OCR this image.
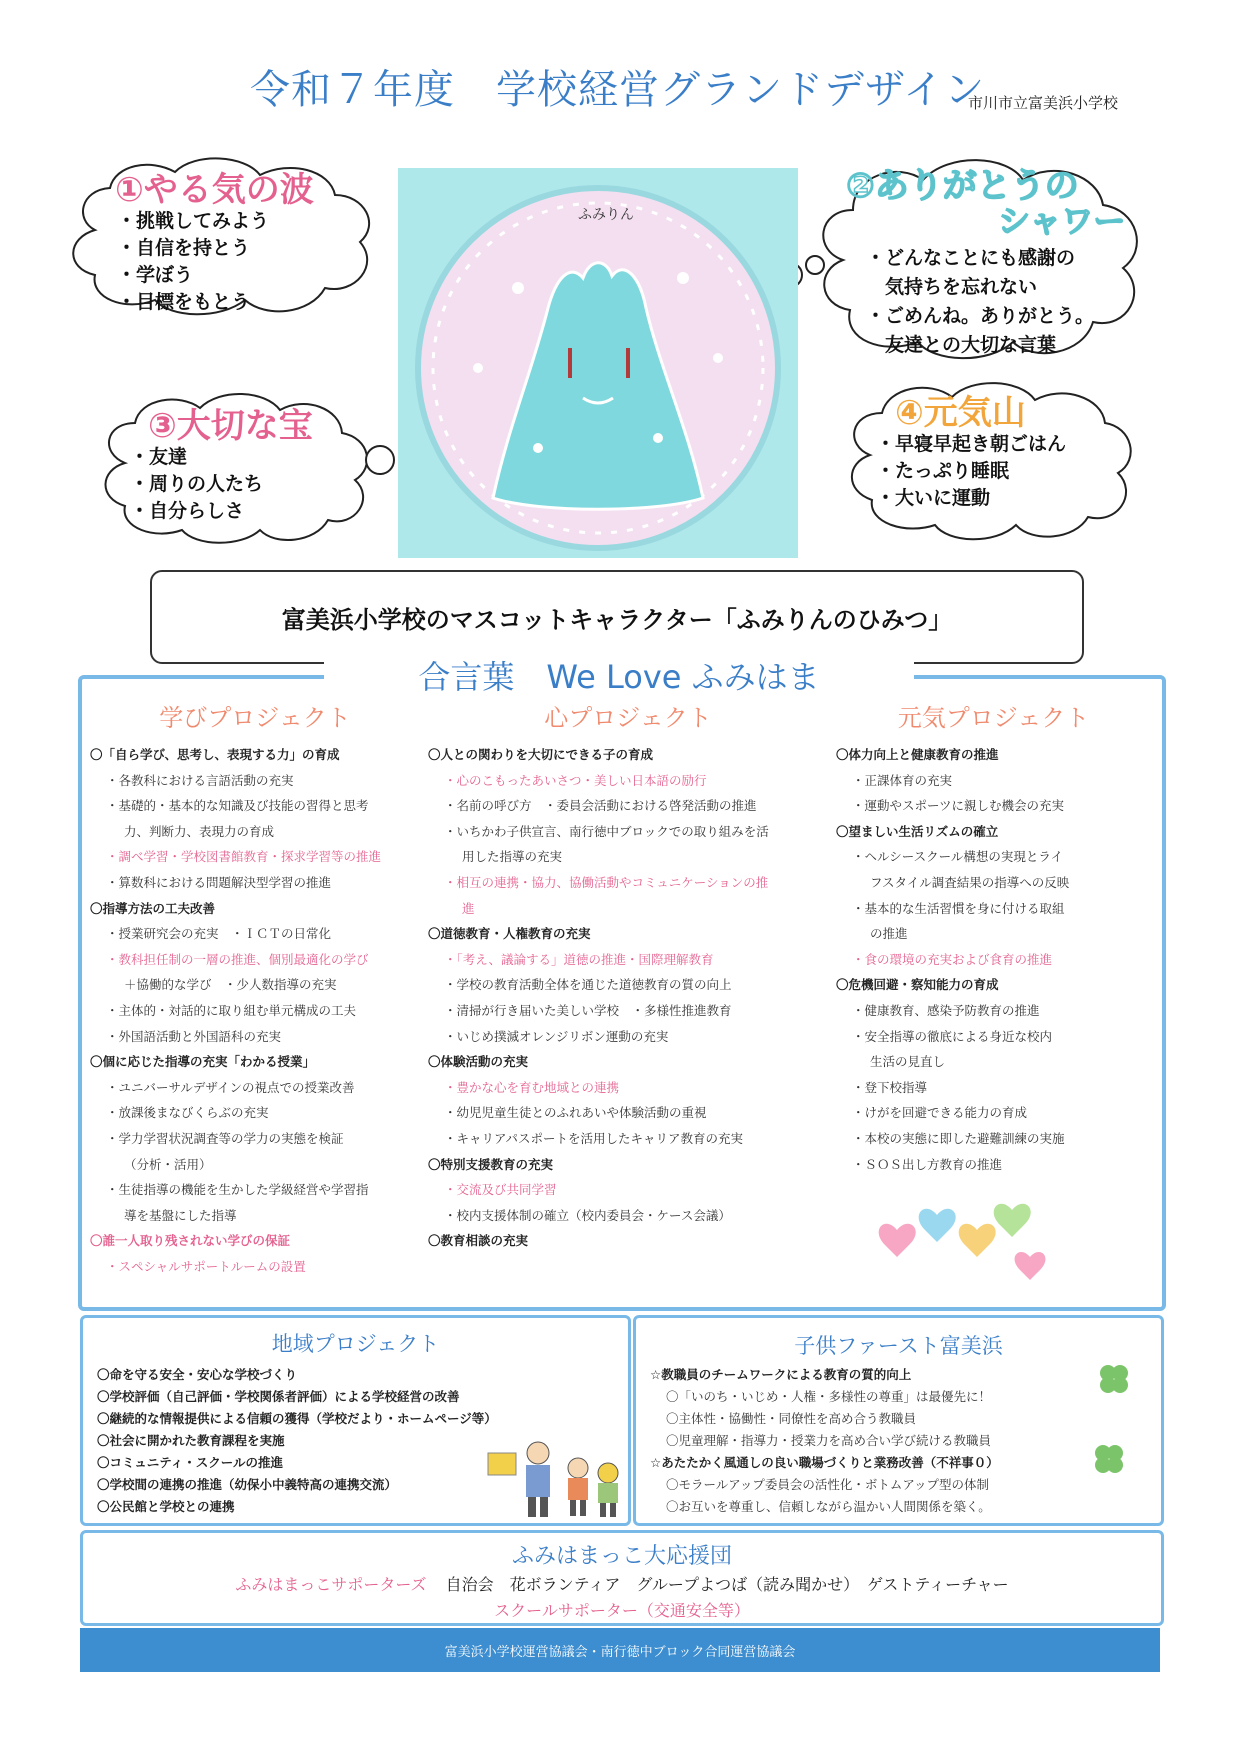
令和７年度　学校経営グランドデザイン
市川市立富美浜小学校
①やる気の波
・挑戦してみよう
・自信を持とう
・学ぼう
・目標をもとう
②ありがとうの
シャワー
・どんなことにも感謝の
　気持ちを忘れない
・ごめんね。ありがとう。
　友達との大切な言葉
③大切な宝
・友達
・周りの人たち
・自分らしさ
④元気山
・早寝早起き朝ごはん
・たっぷり睡眠
・大いに運動
ふみりん
富美浜小学校のマスコットキャラクター「ふみりんのひみつ」
合言葉　We Love ふみはま
学びプロジェクト
〇「自ら学び、思考し、表現する力」の育成
・各教科における言語活動の充実
・基礎的・基本的な知識及び技能の習得と思考
力、判断力、表現力の育成
・調べ学習・学校図書館教育・探求学習等の推進
・算数科における問題解決型学習の推進
〇指導方法の工夫改善
・授業研究会の充実　・ＩＣＴの日常化
・教科担任制の一層の推進、個別最適化の学び
＋協働的な学び　・少人数指導の充実
・主体的・対話的に取り組む単元構成の工夫
・外国語活動と外国語科の充実
〇個に応じた指導の充実「わかる授業」
・ユニバーサルデザインの視点での授業改善
・放課後まなびくらぶの充実
・学力学習状況調査等の学力の実態を検証
（分析・活用）
・生徒指導の機能を生かした学級経営や学習指
導を基盤にした指導
〇誰一人取り残されない学びの保証
・スペシャルサポートルームの設置
心プロジェクト
〇人との関わりを大切にできる子の育成
・心のこもったあいさつ・美しい日本語の励行
・名前の呼び方　・委員会活動における啓発活動の推進
・いちかわ子供宣言、南行徳中ブロックでの取り組みを活
用した指導の充実
・相互の連携・協力、協働活動やコミュニケーションの推
進
〇道徳教育・人権教育の充実
・「考え、議論する」道徳の推進・国際理解教育
・学校の教育活動全体を通じた道徳教育の質の向上
・清掃が行き届いた美しい学校　・多様性推進教育
・いじめ撲滅オレンジリボン運動の充実
〇体験活動の充実
・豊かな心を育む地域との連携
・幼児児童生徒とのふれあいや体験活動の重視
・キャリアパスポートを活用したキャリア教育の充実
〇特別支援教育の充実
・交流及び共同学習
・校内支援体制の確立（校内委員会・ケース会議）
〇教育相談の充実
元気プロジェクト
〇体力向上と健康教育の推進
・正課体育の充実
・運動やスポーツに親しむ機会の充実
〇望ましい生活リズムの確立
・ヘルシースクール構想の実現とライ
フスタイル調査結果の指導への反映
・基本的な生活習慣を身に付ける取組
の推進
・食の環境の充実および食育の推進
〇危機回避・察知能力の育成
・健康教育、感染予防教育の推進
・安全指導の徹底による身近な校内
生活の見直し
・登下校指導
・けがを回避できる能力の育成
・本校の実態に即した避難訓練の実施
・ＳＯＳ出し方教育の推進
地域プロジェクト
〇命を守る安全・安心な学校づくり
〇学校評価（自己評価・学校関係者評価）による学校経営の改善
〇継続的な情報提供による信頼の獲得（学校だより・ホームページ等）
〇社会に開かれた教育課程を実施
〇コミュニティ・スクールの推進
〇学校間の連携の推進（幼保小中義特高の連携交流）
〇公民館と学校との連携
子供ファースト富美浜
☆教職員のチームワークによる教育の質的向上
〇「いのち・いじめ・人権・多様性の尊重」は最優先に！
〇主体性・協働性・同僚性を高め合う教職員
〇児童理解・指導力・授業力を高め合い学び続ける教職員
☆あたたかく風通しの良い職場づくりと業務改善（不祥事０）
〇モラールアップ委員会の活性化・ボトムアップ型の体制
〇お互いを尊重し、信頼しながら温かい人間関係を築く。
ふみはまっこ大応援団
ふみはまっこサポーターズ 自治会　花ボランティア　グループよつば（読み聞かせ）　ゲストティーチャー
スクールサポーター（交通安全等）
富美浜小学校運営協議会・南行徳中ブロック合同運営協議会
